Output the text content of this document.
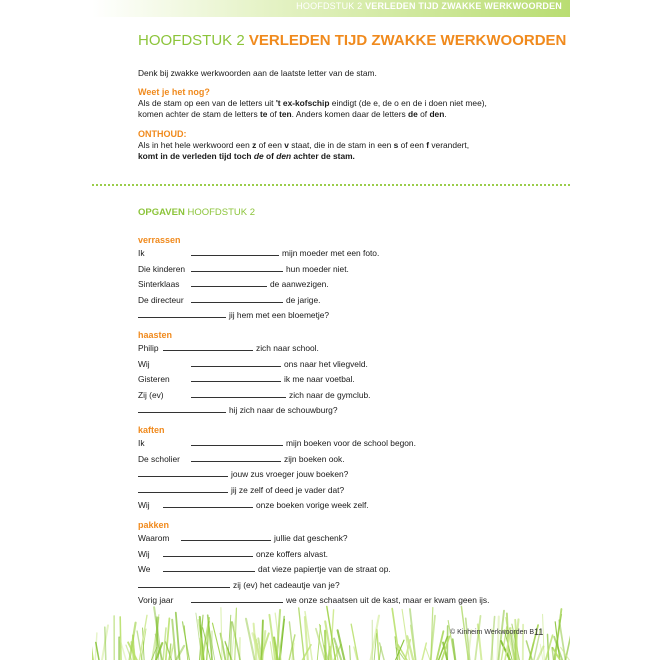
HOOFDSTUK 2 VERLEDEN TIJD ZWAKKE WERKWOORDEN
HOOFDSTUK 2 VERLEDEN TIJD ZWAKKE WERKWOORDEN
Denk bij zwakke werkwoorden aan de laatste letter van de stam.
Weet je het nog?
Als de stam op een van de letters uit 't ex-kofschip eindigt (de e, de o en de i doen niet mee),
komen achter de stam de letters te of ten. Anders komen daar de letters de of den.
ONTHOUD:
Als in het hele werkwoord een z of een v staat, die in de stam in een s of een f verandert,
komt in de verleden tijd toch de of den achter de stam.
OPGAVEN HOOFDSTUK 2
verrassen
Ik	mijn moeder met een foto.
Die kinderen	hun moeder niet.
Sinterklaas	de aanwezigen.
De directeur	de jarige.
jij hem met een bloemetje?
haasten
Philip	zich naar school.
Wij	ons naar het vliegveld.
Gisteren	ik me naar voetbal.
Zij (ev)	zich naar de gymclub.
hij zich naar de schouwburg?
kaften
Ik	mijn boeken voor de school begon.
De scholier	zijn boeken ook.
jouw zus vroeger jouw boeken?
jij ze zelf of deed je vader dat?
Wij	onze boeken vorige week zelf.
pakken
Waarom	jullie dat geschenk?
Wij	onze koffers alvast.
We	dat vieze papiertje van de straat op.
zij (ev) het cadeautje van je?
Vorig jaar	we onze schaatsen uit de kast, maar er kwam geen ijs.
© Kinheim Werkwoorden B 11
